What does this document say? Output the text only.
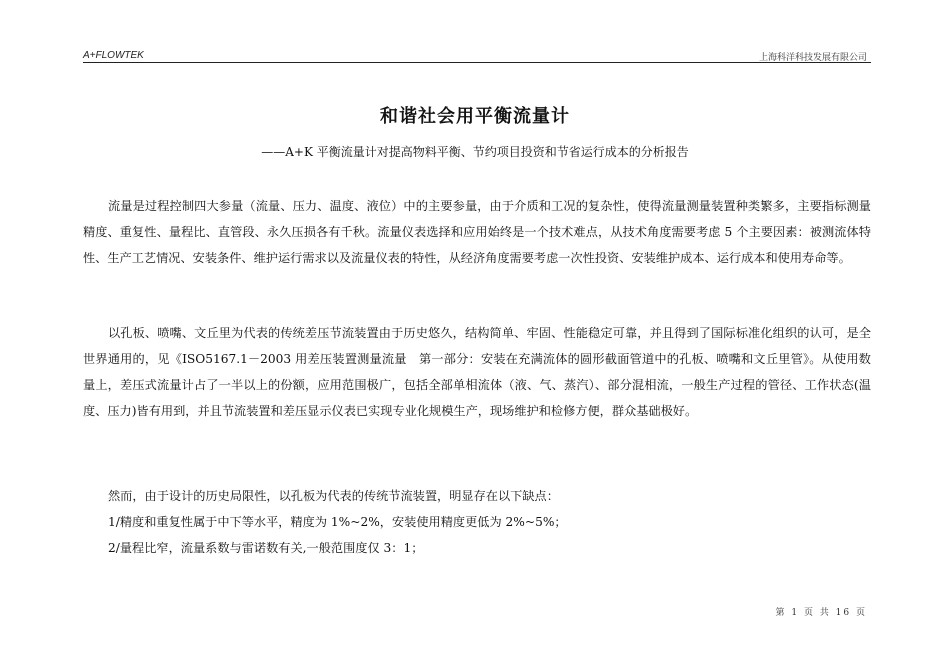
A+FLOWTEK	上海科洋科技发展有限公司
和谐社会用平衡流量计
——A+K 平衡流量计对提高物料平衡、节约项目投资和节省运行成本的分析报告

流量是过程控制四大参量（流量、压力、温度、液位）中的主要参量，由于介质和工况的复杂性，使得流量测量装置种类繁多，主要指标测量精度、重复性、量程比、直管段、永久压损各有千秋。流量仪表选择和应用始终是一个技术难点，从技术角度需要考虑 5 个主要因素：被测流体特性、生产工艺情况、安装条件、维护运行需求以及流量仪表的特性，从经济角度需要考虑一次性投资、安装维护成本、运行成本和使用寿命等。

以孔板、喷嘴、文丘里为代表的传统差压节流装置由于历史悠久，结构简单、牢固、性能稳定可靠，并且得到了国际标准化组织的认可，是全世界通用的，见《ISO5167.1－2003 用差压装置测量流量　第一部分：安装在充满流体的圆形截面管道中的孔板、喷嘴和文丘里管》。从使用数量上，差压式流量计占了一半以上的份额，应用范围极广，包括全部单相流体（液、气、蒸汽）、部分混相流，一般生产过程的管径、工作状态(温度、压力)皆有用到，并且节流装置和差压显示仪表已实现专业化规模生产，现场维护和检修方便，群众基础极好。

然而，由于设计的历史局限性，以孔板为代表的传统节流装置，明显存在以下缺点：

1/精度和重复性属于中下等水平，精度为 1%~2%，安装使用精度更低为 2%~5%；

2/量程比窄，流量系数与雷诺数有关,一般范围度仅 3：1；

第 1 页 共 16 页
